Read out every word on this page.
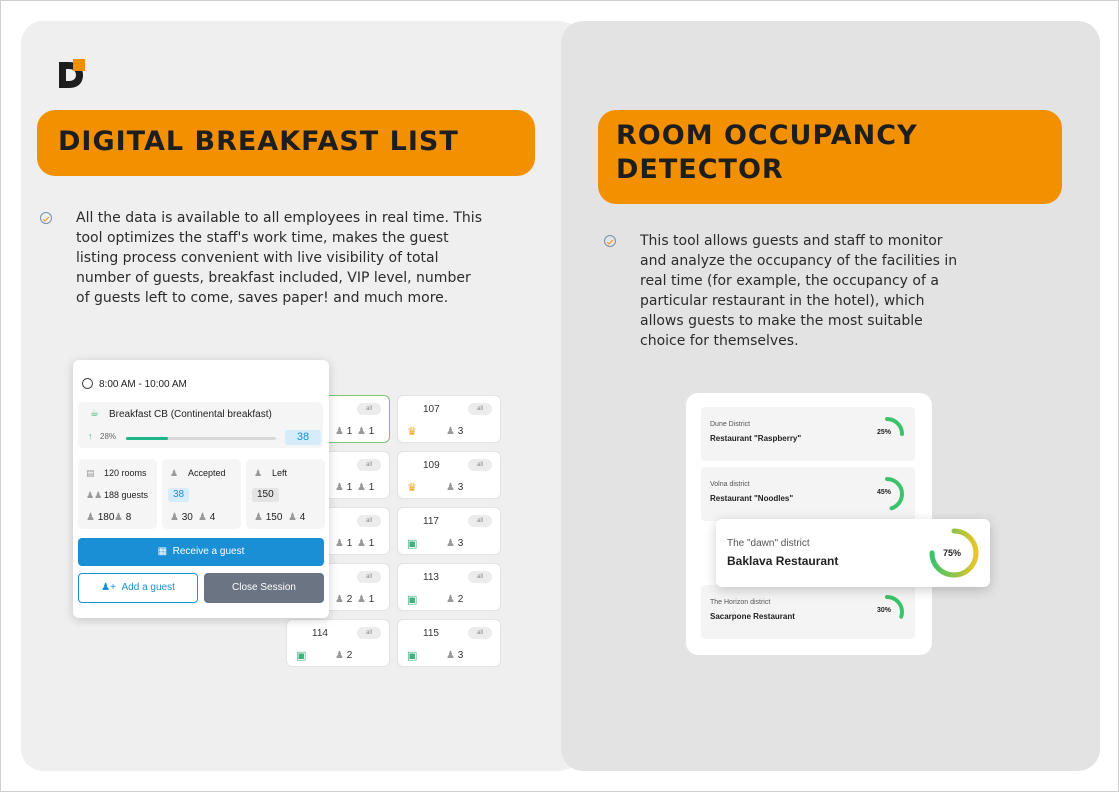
DIGITAL BREAKFAST LIST
All the data is available to all employees in real time. This
tool optimizes the staff's work time, makes the guest
listing process convenient with live visibility of total
number of guests, breakfast included, VIP level, number
of guests left to come, saves paper! and much more.
all
♟ 1 ♟ 1
107	all
♛	♟ 3
all
♟ 1 ♟ 1
109	all
♛	♟ 3
all
♟ 1 ♟ 1
117	all
▣	♟ 3
all
♟ 2 ♟ 1
113	all
▣	♟ 2
114	all
▣	♟ 2
115	all
▣	♟ 3
8:00 AM - 10:00 AM
☕ Breakfast CB (Continental breakfast)
↑ 28%	38
▤ 120 rooms
♟♟ 188 guests
♟ 180 ♟ 8
♟ Accepted
38
♟ 30 ♟ 4
♟ Left
150
♟ 150 ♟ 4
▦ Receive a guest
♟+ Add a guest	Close Session
ROOM OCCUPANCY
DETECTOR
This tool allows guests and staff to monitor
and analyze the occupancy of the facilities in
real time (for example, the occupancy of a
particular restaurant in the hotel), which
allows guests to make the most suitable
choice for themselves.
Dune District
Restaurant "Raspberry"
25%
Volna district
Restaurant "Noodles"
45%
The Horizon district
Sacarpone Restaurant
30%
The "dawn" district
Baklava Restaurant
75%
